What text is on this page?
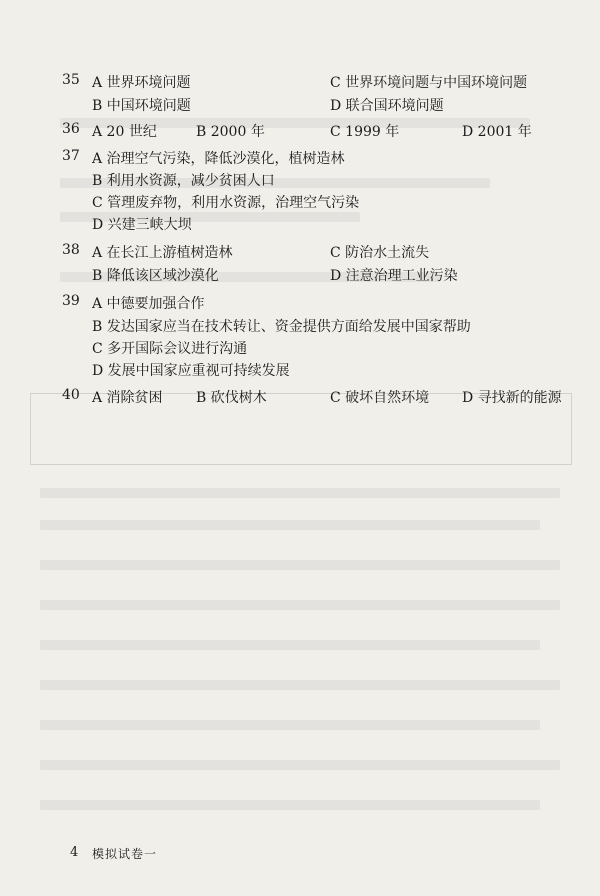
35 A 世界环境问题	C 世界环境问题与中国环境问题
B 中国环境问题	D 联合国环境问题
36 A 20 世纪	B 2000 年	C 1999 年	D 2001 年
37 A 治理空气污染，降低沙漠化，植树造林
B 利用水资源，减少贫困人口
C 管理废弃物，利用水资源，治理空气污染
D 兴建三峡大坝
38 A 在长江上游植树造林	C 防治水土流失
B 降低该区域沙漠化	D 注意治理工业污染
39 A 中德要加强合作
B 发达国家应当在技术转让、资金提供方面给发展中国家帮助
C 多开国际会议进行沟通
D 发展中国家应重视可持续发展
40 A 消除贫困 B 砍伐树木	C 破坏自然环境 D 寻找新的能源
4 模拟试卷一
